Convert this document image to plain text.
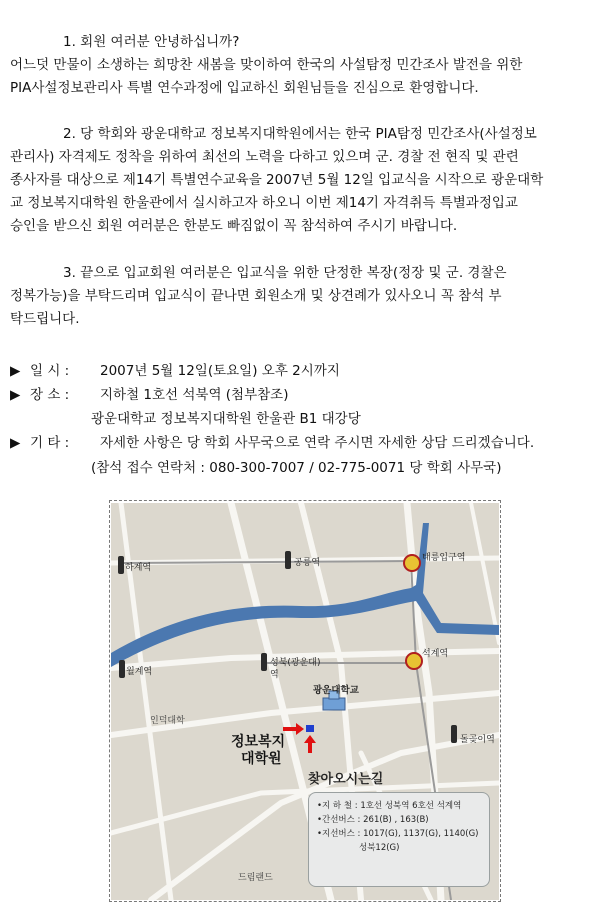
1. 회원 여러분 안녕하십니까?
어느덧 만물이 소생하는 희망찬 새봄을 맞이하여 한국의 사설탐정 민간조사 발전을 위한
PIA사설정보관리사 특별 연수과정에 입교하신 회원님들을 진심으로 환영합니다.
2. 당 학회와 광운대학교 정보복지대학원에서는 한국 PIA탐정 민간조사(사설정보
관리사) 자격제도 정착을 위하여 최선의 노력을 다하고 있으며 군. 경찰 전 현직 및 관련
종사자를 대상으로 제14기 특별연수교육을 2007년 5월 12일 입교식을 시작으로 광운대학
교 정보복지대학원 한울관에서 실시하고자 하오니 이번 제14기 자격취득 특별과정입교
승인을 받으신 회원 여러분은 한분도 빠짐없이 꼭 참석하여 주시기 바랍니다.
3. 끝으로 입교회원 여러분은 입교식을 위한 단정한 복장(정장 및 군. 경찰은
정복가능)을 부탁드리며 입교식이 끝나면 회원소개 및 상견례가 있사오니 꼭 참석 부
탁드립니다.
▶ 일 시 : 2007년 5월 12일(토요일) 오후 2시까지
▶ 장 소 : 지하철 1호선 석북역 (첨부참조)
광운대학교 정보복지대학원 한울관 B1 대강당
▶ 기 타 : 자세한 사항은 당 학회 사무국으로 연락 주시면 자세한 상담 드리겠습니다.
(참석 접수 연락처 : 080-300-7007 / 02-775-0071 당 학회 사무국)
하계역	공릉역	태릉입구역
월계역
성북(광운대)
역
석계역
돌곶이역
광운대학교
인덕대학
드림랜드
정보복지
대학원
찾아오시는길
•지 하 철 : 1호선 성북역 6호선 석계역
•간선버스 : 261(B) , 163(B)
•지선버스 : 1017(G), 1137(G), 1140(G)
성북12(G)
